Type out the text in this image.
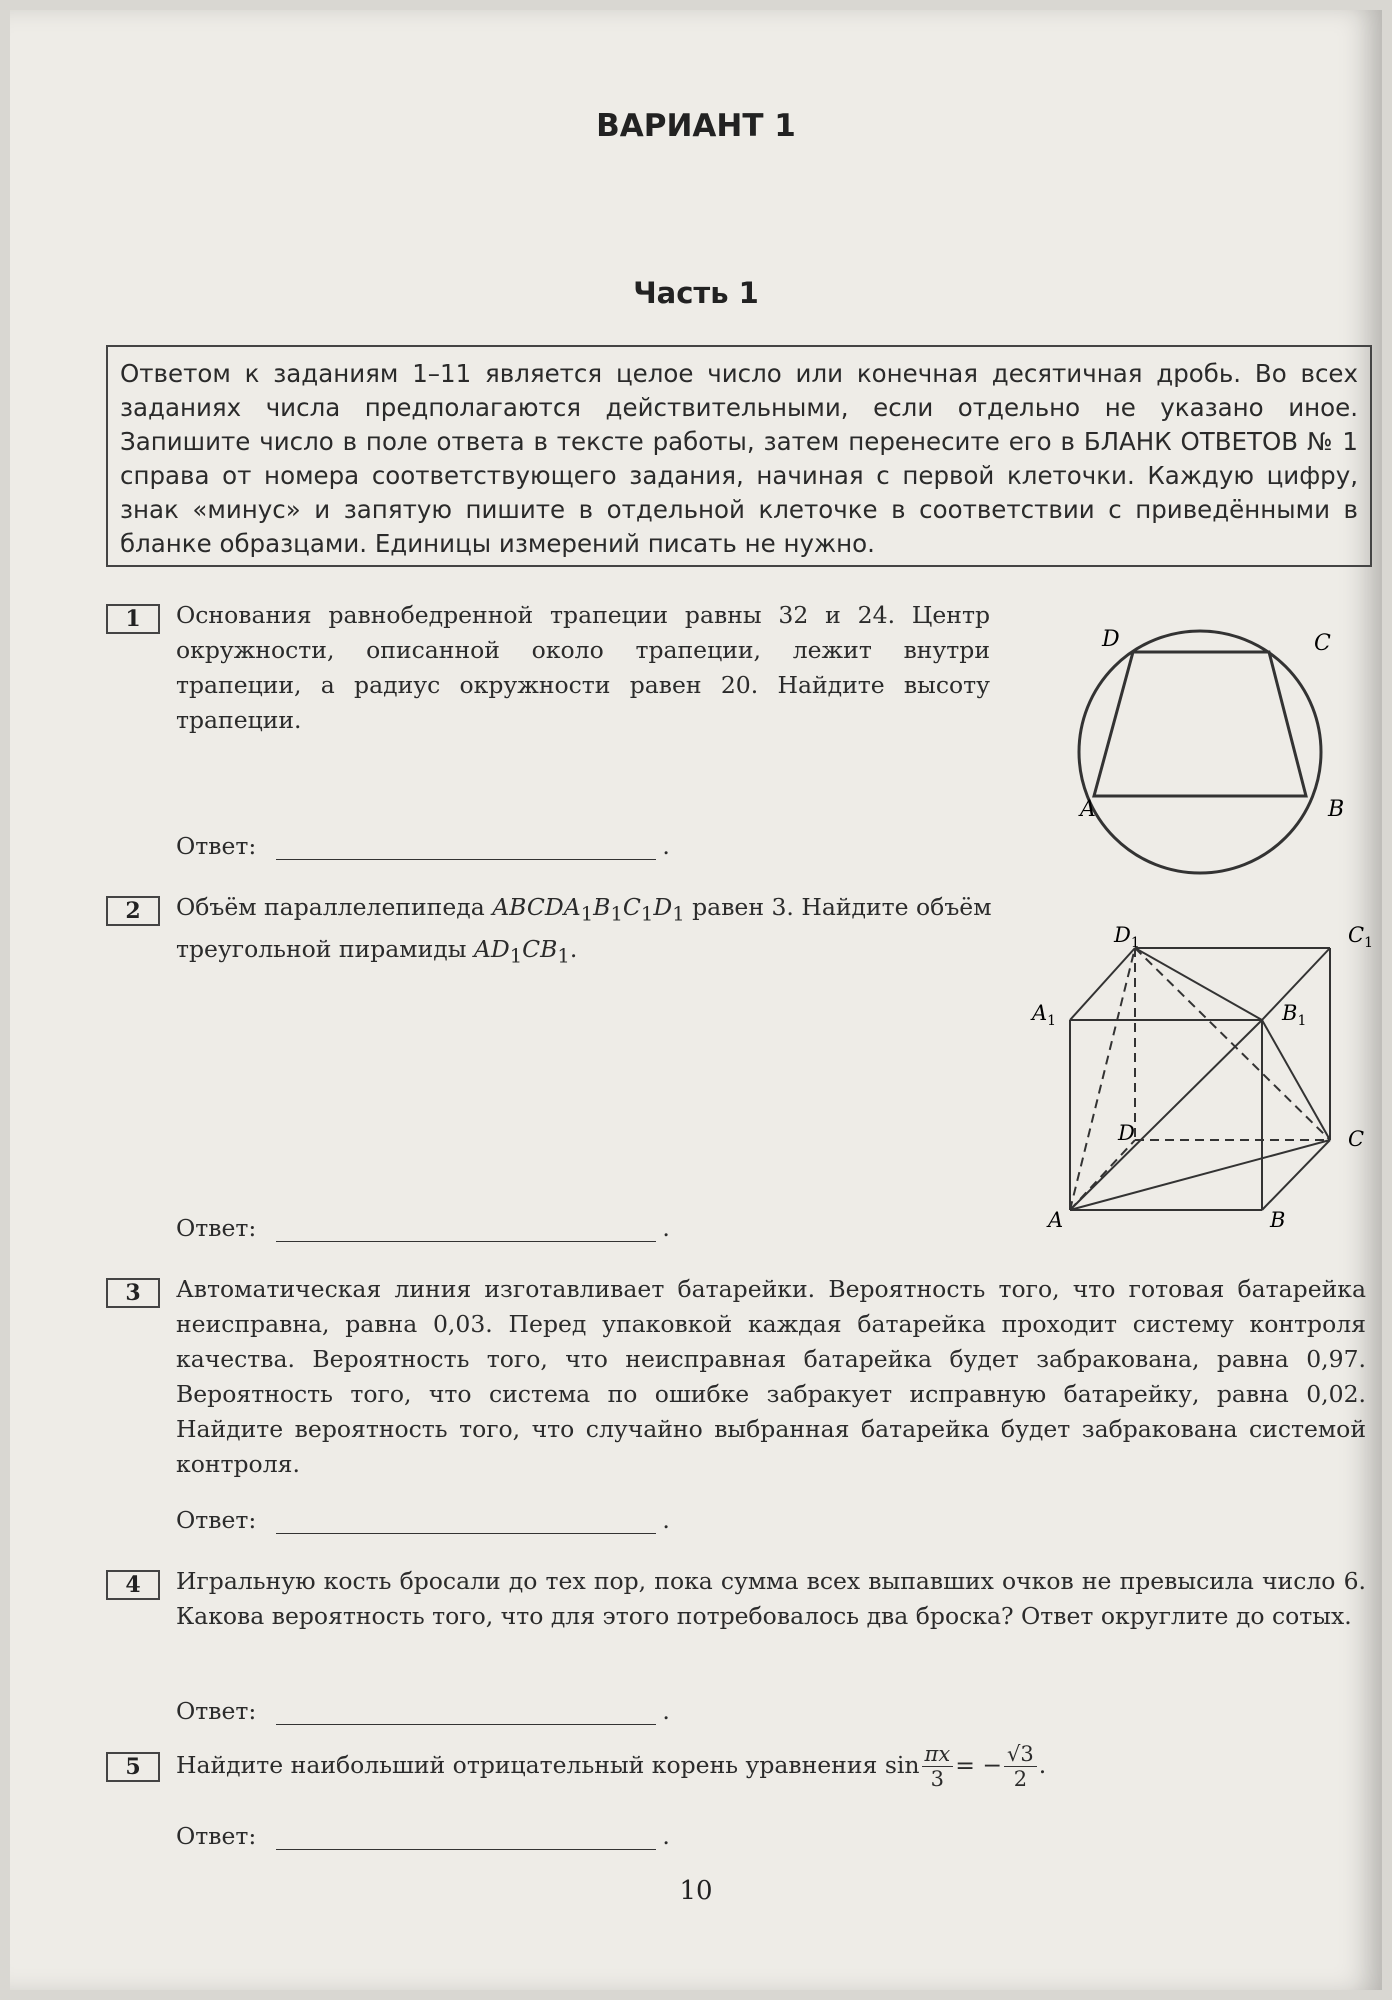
ВАРИАНТ 1
Часть 1
Ответом к заданиям 1–11 является целое число или конечная десятичная дробь. Во всех заданиях числа предполагаются действительными, если отдельно не указано иное. Запишите число в поле ответа в тексте работы, затем перенесите его в БЛАНК ОТВЕТОВ № 1 справа от номера соответствующего задания, начиная с первой клеточки. Каждую цифру, знак «минус» и запятую пишите в отдельной клеточке в соответствии с приведёнными в бланке образцами. Единицы измерений писать не нужно.
1	Основания равнобедренной трапеции равны 32 и 24. Центр окружности, описанной около трапеции, лежит внутри трапеции, а радиус окружности равен 20. Найдите высоту трапеции.
Ответ:	.
D	C
A	B
2	Объём параллелепипеда $ABCDA_1B_1C_1D_1$ равен 3. Найдите объём треугольной пирамиды $AD_1CB_1$.
Ответ:	.
$D_1$	$C_1$
$A_1$	$B_1$
D	C
A	B
3	Автоматическая линия изготавливает батарейки. Вероятность того, что готовая батарейка неисправна, равна 0,03. Перед упаковкой каждая батарейка проходит систему контроля качества. Вероятность того, что неисправная батарейка будет забракована, равна 0,97. Вероятность того, что система по ошибке забракует исправную батарейку, равна 0,02. Найдите вероятность того, что случайно выбранная батарейка будет забракована системой контроля.
Ответ:	.
4	Игральную кость бросали до тех пор, пока сумма всех выпавших очков не превысила число 6. Какова вероятность того, что для этого потребовалось два броска? Ответ округлите до сотых.
Ответ:	.
5	Найдите наибольший отрицательный корень уравнения $\sin \frac{\pi x}{3}$ = − $\frac{√3}{2}$ .
Ответ:	.
10
